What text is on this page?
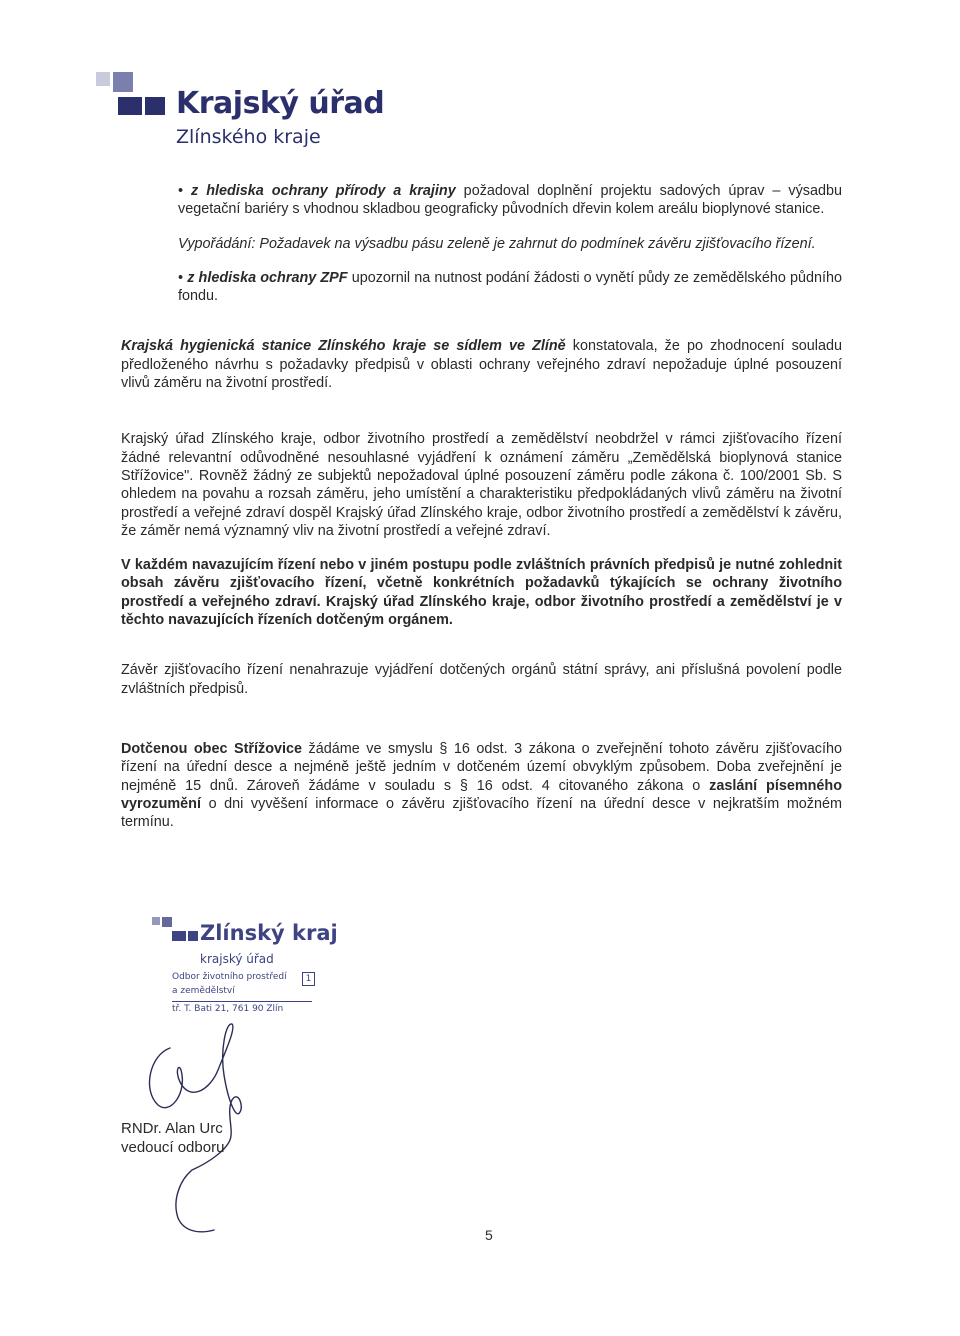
Krajský úřad
Zlínského kraje

• z hlediska ochrany přírody a krajiny požadoval doplnění projektu sadových úprav – výsadbu vegetační bariéry s vhodnou skladbou geograficky původních dřevin kolem areálu bioplynové stanice.

Vypořádání: Požadavek na výsadbu pásu zeleně je zahrnut do podmínek závěru zjišťovacího řízení.

• z hlediska ochrany ZPF upozornil na nutnost podání žádosti o vynětí půdy ze zemědělského půdního fondu.

Krajská hygienická stanice Zlínského kraje se sídlem ve Zlíně konstatovala, že po zhodnocení souladu předloženého návrhu s požadavky předpisů v oblasti ochrany veřejného zdraví nepožaduje úplné posouzení vlivů záměru na životní prostředí.

Krajský úřad Zlínského kraje, odbor životního prostředí a zemědělství neobdržel v rámci zjišťovacího řízení žádné relevantní odůvodněné nesouhlasné vyjádření k oznámení záměru „Zemědělská bioplynová stanice Střížovice". Rovněž žádný ze subjektů nepožadoval úplné posouzení záměru podle zákona č. 100/2001 Sb. S ohledem na povahu a rozsah záměru, jeho umístění a charakteristiku předpokládaných vlivů záměru na životní prostředí a veřejné zdraví dospěl Krajský úřad Zlínského kraje, odbor životního prostředí a zemědělství k závěru, že záměr nemá významný vliv na životní prostředí a veřejné zdraví.

V každém navazujícím řízení nebo v jiném postupu podle zvláštních právních předpisů je nutné zohlednit obsah závěru zjišťovacího řízení, včetně konkrétních požadavků týkajících se ochrany životního prostředí a veřejného zdraví. Krajský úřad Zlínského kraje, odbor životního prostředí a zemědělství je v těchto navazujících řízeních dotčeným orgánem.

Závěr zjišťovacího řízení nenahrazuje vyjádření dotčených orgánů státní správy, ani příslušná povolení podle zvláštních předpisů.

Dotčenou obec Střížovice žádáme ve smyslu § 16 odst. 3 zákona o zveřejnění tohoto závěru zjišťovacího řízení na úřední desce a nejméně ještě jedním v dotčeném území obvyklým způsobem. Doba zveřejnění je nejméně 15 dnů. Zároveň žádáme v souladu s § 16 odst. 4 citovaného zákona o zaslání písemného vyrozumění o dni vyvěšení informace o závěru zjišťovacího řízení na úřední desce v nejkratším možném termínu.

Zlínský kraj
krajský úřad
Odbor životního prostředí	1
a zemědělství
tř. T. Bati 21, 761 90 Zlín
RNDr. Alan Urc
vedoucí odboru
5
